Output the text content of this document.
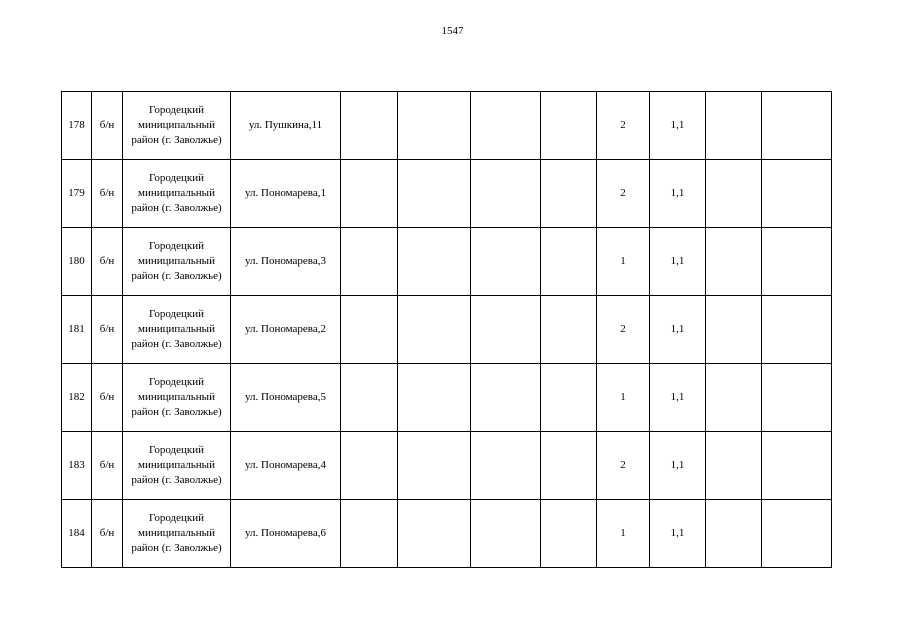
1547
178	б/н	Городецкий
миниципальный
район (г. Заволжье)	ул. Пушкина,11					2	1,1		
179	б/н	Городецкий
миниципальный
район (г. Заволжье)	ул. Пономарева,1					2	1,1		
180	б/н	Городецкий
миниципальный
район (г. Заволжье)	ул. Пономарева,3					1	1,1		
181	б/н	Городецкий
миниципальный
район (г. Заволжье)	ул. Пономарева,2					2	1,1		
182	б/н	Городецкий
миниципальный
район (г. Заволжье)	ул. Пономарева,5					1	1,1		
183	б/н	Городецкий
миниципальный
район (г. Заволжье)	ул. Пономарева,4					2	1,1		
184	б/н	Городецкий
миниципальный
район (г. Заволжье)	ул. Пономарева,6					1	1,1		
